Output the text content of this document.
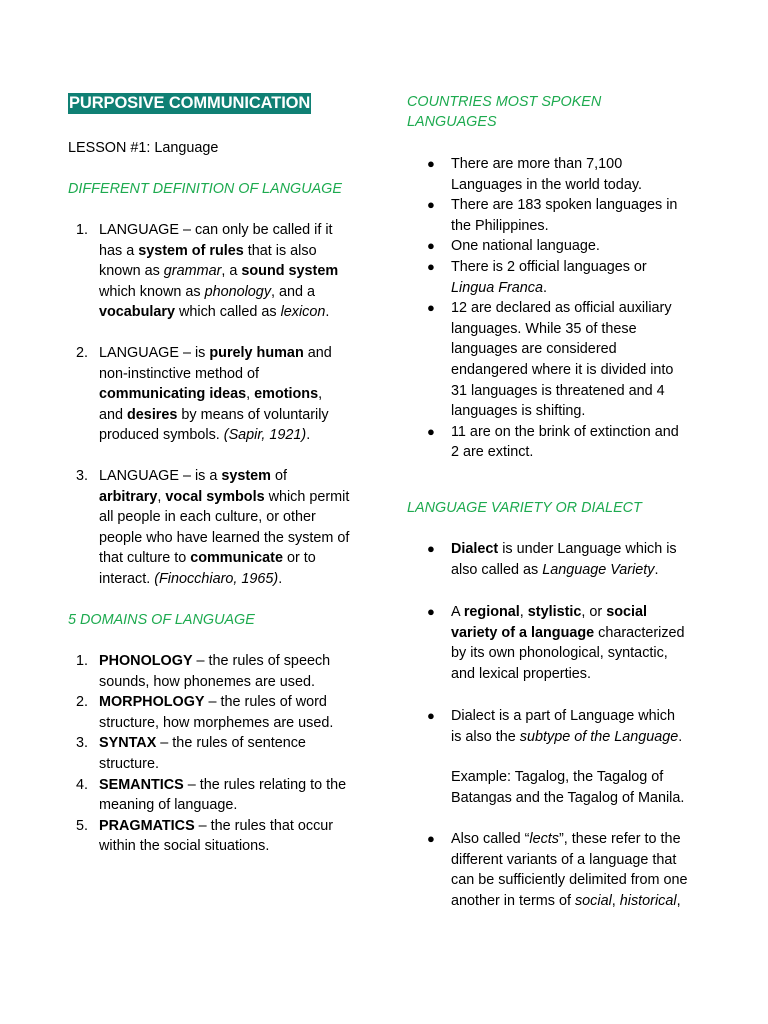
PURPOSIVE COMMUNICATION

LESSON #1: Language

DIFFERENT DEFINITION OF LANGUAGE
1. LANGUAGE – can only be called if it
has a system of rules that is also
known as grammar, a sound system
which known as phonology, and a
vocabulary which called as lexicon.
2. LANGUAGE – is purely human and
non-instinctive method of
communicating ideas, emotions,
and desires by means of voluntarily
produced symbols. (Sapir, 1921).
3. LANGUAGE – is a system of
arbitrary, vocal symbols which permit
all people in each culture, or other
people who have learned the system of
that culture to communicate or to
interact. (Finocchiaro, 1965).
5 DOMAINS OF LANGUAGE
1. PHONOLOGY – the rules of speech
sounds, how phonemes are used.
2. MORPHOLOGY – the rules of word
structure, how morphemes are used.
3. SYNTAX – the rules of sentence
structure.
4. SEMANTICS – the rules relating to the
meaning of language.
5. PRAGMATICS – the rules that occur
within the social situations.
COUNTRIES MOST SPOKEN
LANGUAGES
● There are more than 7,100
Languages in the world today.
● There are 183 spoken languages in
the Philippines.
● One national language.
● There is 2 official languages or
Lingua Franca.
● 12 are declared as official auxiliary
languages. While 35 of these
languages are considered
endangered where it is divided into
31 languages is threatened and 4
languages is shifting.
● 11 are on the brink of extinction and
2 are extinct.
LANGUAGE VARIETY OR DIALECT
● Dialect is under Language which is
also called as Language Variety.
● A regional, stylistic, or social
variety of a language characterized
by its own phonological, syntactic,
and lexical properties.
● Dialect is a part of Language which
is also the subtype of the Language.
Example: Tagalog, the Tagalog of
Batangas and the Tagalog of Manila.
● Also called “lects”, these refer to the
different variants of a language that
can be sufficiently delimited from one
another in terms of social, historical,
